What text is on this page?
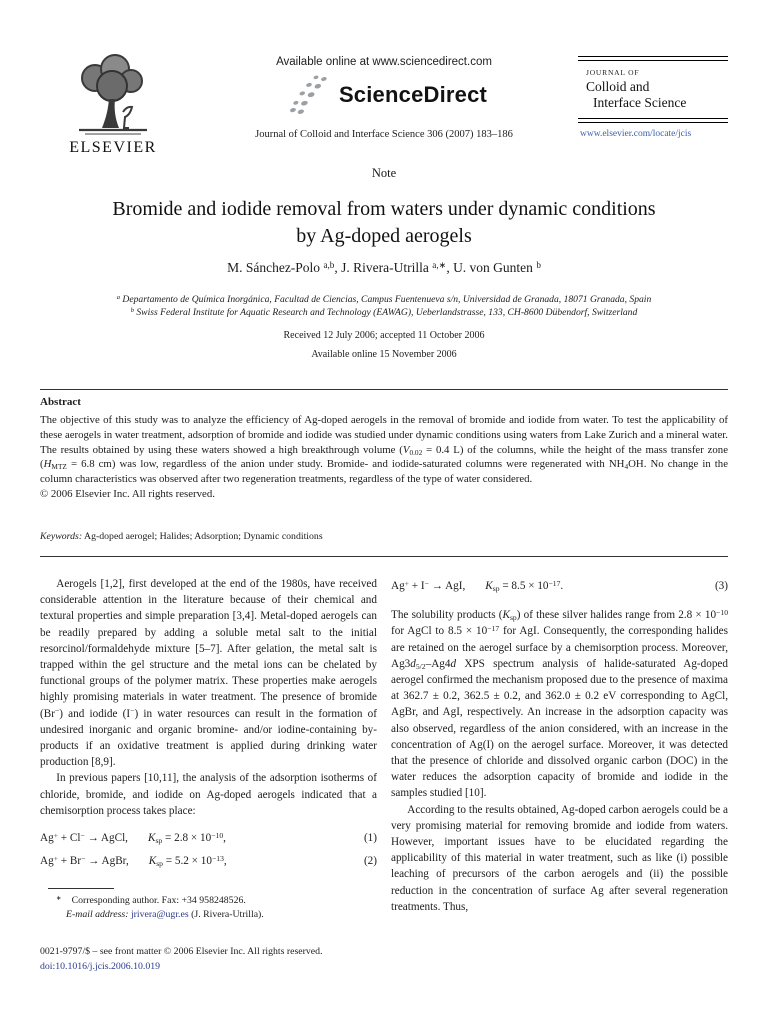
ELSEVIER
Available online at www.sciencedirect.com
ScienceDirect
Journal of Colloid and Interface Science 306 (2007) 183–186
JOURNAL OF
Colloid and
Interface Science
www.elsevier.com/locate/jcis
Note
Bromide and iodide removal from waters under dynamic conditions
by Ag-doped aerogels
M. Sánchez-Polo $^{a,b}$, J. Rivera-Utrilla $^{a,∗}$, U. von Gunten $^b$
$^a$ Departamento de Química Inorgánica, Facultad de Ciencias, Campus Fuentenueva s/n, Universidad de Granada, 18071 Granada, Spain
$^b$ Swiss Federal Institute for Aquatic Research and Technology (EAWAG), Ueberlandstrasse, 133, CH-8600 Dübendorf, Switzerland
Received 12 July 2006; accepted 11 October 2006
Available online 15 November 2006
Abstract
The objective of this study was to analyze the efficiency of Ag-doped aerogels in the removal of bromide and iodide from water. To test the applicability of these aerogels in water treatment, adsorption of bromide and iodide was studied under dynamic conditions using waters from Lake Zurich and a mineral water. The results obtained by using these waters showed a high breakthrough volume ($V_{0.02} = 0.4$ L) of the columns, while the height of the mass transfer zone ($H_{MTZ} = 6.8$ cm) was low, regardless of the anion under study. Bromide- and iodide-saturated columns were regenerated with $NH_4OH$. No change in the column characteristics was observed after two regeneration treatments, regardless of the type of water considered.
© 2006 Elsevier Inc. All rights reserved.
Keywords: Ag-doped aerogel; Halides; Adsorption; Dynamic conditions

Aerogels [1,2], first developed at the end of the 1980s, have received considerable attention in the literature because of their chemical and textural properties and simple preparation [3,4]. Metal-doped aerogels can be readily prepared by adding a soluble metal salt to the initial resorcinol/formaldehyde mixture [5–7]. After gelation, the metal salt is trapped within the gel structure and the metal ions can be chelated by functional groups of the polymer matrix. These properties make aerogels highly promising materials in water treatment. The presence of bromide (Br−) and iodide (I−) in water resources can result in the formation of undesired inorganic and organic bromine- and/or iodine-containing by-products if an oxidative treatment is applied during drinking water production [8,9].

In previous papers [10,11], the analysis of the adsorption isotherms of chloride, bromide, and iodide on Ag-doped aerogels indicated that a chemisorption process takes place:

Ag+ + Cl− → AgCl, $K_{sp} = 2.8 \times 10^{-10}$,	(1)
Ag+ + Br− → AgBr, $K_{sp} = 5.2 \times 10^{-13}$,	(2)
Ag+ + I− → AgI, $K_{sp} = 8.5 \times 10^{-17}$.	(3)

The solubility products $(K_{sp})$ of these silver halides range from $2.8 \times 10^{-10}$ for AgCl to $8.5 \times 10^{-17}$ for AgI. Consequently, the corresponding halides are retained on the aerogel surface by a chemisorption process. Moreover, $Ag3d_{5/2}-Ag4d$ XPS spectrum analysis of halide-saturated Ag-doped aerogel confirmed the mechanism proposed due to the presence of maxima at 362.7 ± 0.2, 362.5 ± 0.2, and 362.0 ± 0.2 eV corresponding to AgCl, AgBr, and AgI, respectively. An increase in the adsorption capacity was also observed, regardless of the anion considered, with an increase in the concentration of Ag(I) on the aerogel surface. Moreover, it was detected that the presence of chloride and dissolved organic carbon (DOC) in the water reduces the adsorption capacity of bromide and iodide in the samples studied [10].

According to the results obtained, Ag-doped carbon aerogels could be a very promising material for removing bromide and iodide from waters. However, important issues have to be elucidated regarding the applicability of this material in water treatment, such as like (i) possible leaching of precursors of the carbon aerogels and (ii) the possible reduction in the concentration of surface Ag after several regeneration treatments. Thus,

∗ Corresponding author. Fax: +34 958248526.
E-mail address: jrivera@ugr.es (J. Rivera-Utrilla).
0021-9797/$ – see front matter © 2006 Elsevier Inc. All rights reserved.
doi:10.1016/j.jcis.2006.10.019
